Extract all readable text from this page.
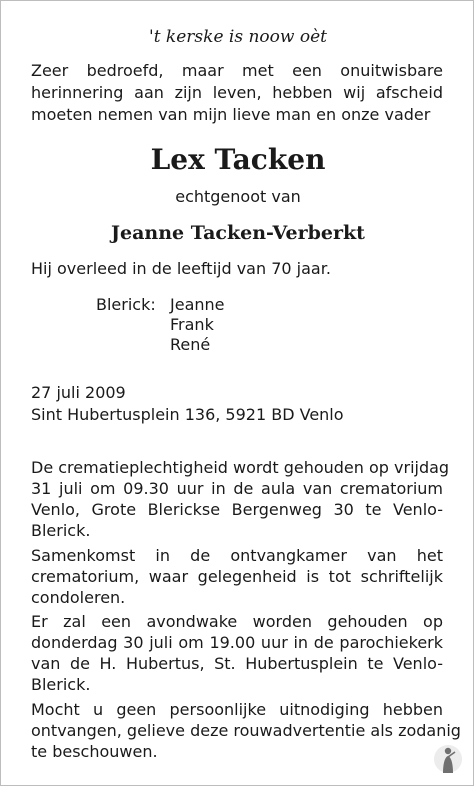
't kerske is noow oèt
Zeer bedroefd, maar met een onuitwisbare
herinnering aan zijn leven, hebben wij afscheid
moeten nemen van mijn lieve man en onze vader
Lex Tacken
echtgenoot van
Jeanne Tacken-Verberkt
Hij overleed in de leeftijd van 70 jaar.
Blerick: Jeanne
Frank
René
27 juli 2009
Sint Hubertusplein 136, 5921 BD Venlo
De crematieplechtigheid wordt gehouden op vrijdag
31 juli om 09.30 uur in de aula van crematorium
Venlo, Grote Blerickse Bergenweg 30 te Venlo-
Blerick.
Samenkomst in de ontvangkamer van het
crematorium, waar gelegenheid is tot schriftelijk
condoleren.
Er zal een avondwake worden gehouden op
donderdag 30 juli om 19.00 uur in de parochiekerk
van de H. Hubertus, St. Hubertusplein te Venlo-
Blerick.
Mocht u geen persoonlijke uitnodiging hebben
ontvangen, gelieve deze rouwadvertentie als zodanig
te beschouwen.
